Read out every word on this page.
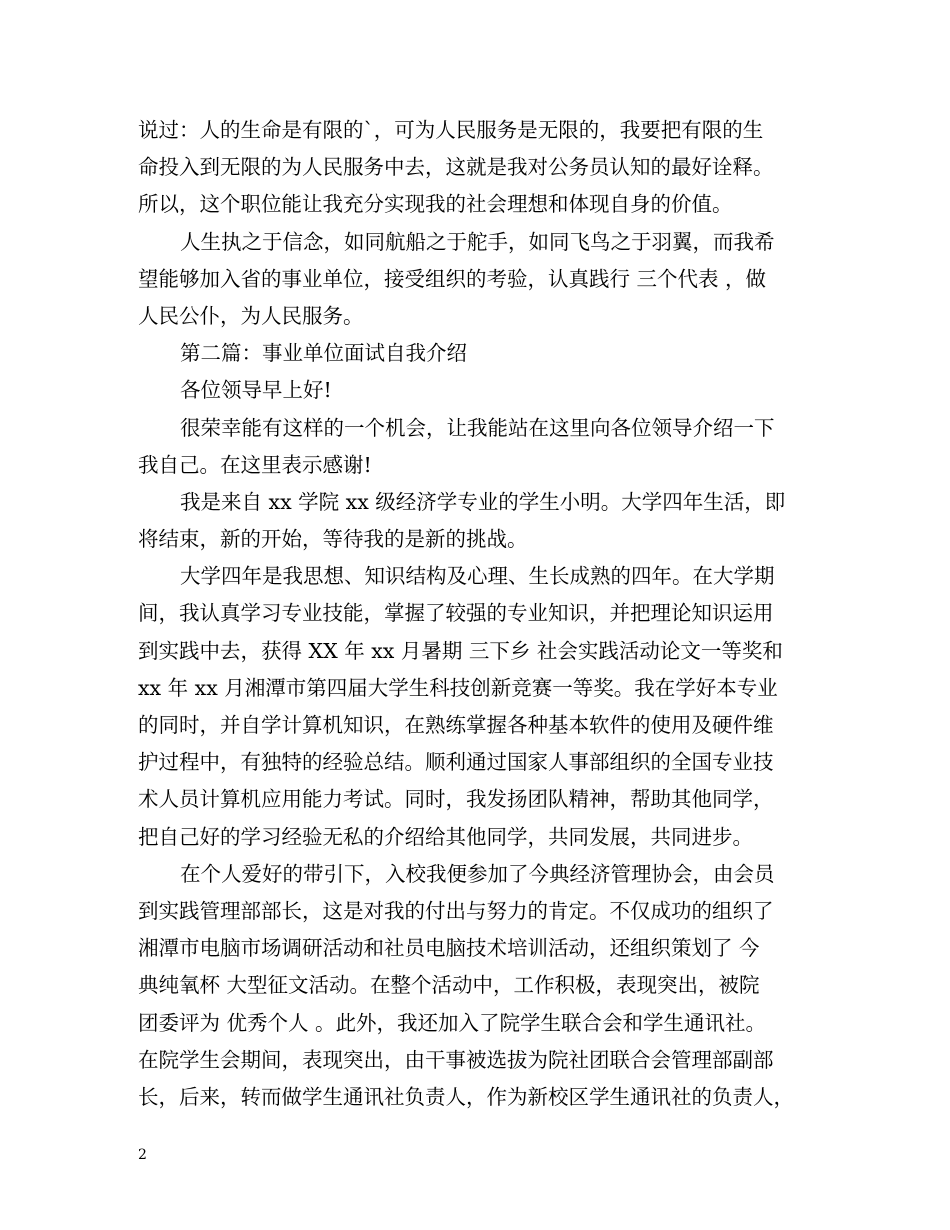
说过：人的生命是有限的`，可为人民服务是无限的，我要把有限的生
命投入到无限的为人民服务中去，这就是我对公务员认知的最好诠释。
所以，这个职位能让我充分实现我的社会理想和体现自身的价值。
人生执之于信念，如同航船之于舵手，如同飞鸟之于羽翼，而我希
望能够加入省的事业单位，接受组织的考验，认真践行 三个代表 ，做
人民公仆，为人民服务。
第二篇：事业单位面试自我介绍
各位领导早上好!
很荣幸能有这样的一个机会，让我能站在这里向各位领导介绍一下
我自己。在这里表示感谢!
我是来自 xx 学院 xx 级经济学专业的学生小明。大学四年生活，即
将结束，新的开始，等待我的是新的挑战。
大学四年是我思想、知识结构及心理、生长成熟的四年。在大学期
间，我认真学习专业技能，掌握了较强的专业知识，并把理论知识运用
到实践中去，获得 XX 年 xx 月暑期 三下乡 社会实践活动论文一等奖和
xx 年 xx 月湘潭市第四届大学生科技创新竞赛一等奖。我在学好本专业
的同时，并自学计算机知识，在熟练掌握各种基本软件的使用及硬件维
护过程中，有独特的经验总结。顺利通过国家人事部组织的全国专业技
术人员计算机应用能力考试。同时，我发扬团队精神，帮助其他同学，
把自己好的学习经验无私的介绍给其他同学，共同发展，共同进步。
在个人爱好的带引下，入校我便参加了今典经济管理协会，由会员
到实践管理部部长，这是对我的付出与努力的肯定。不仅成功的组织了
湘潭市电脑市场调研活动和社员电脑技术培训活动，还组织策划了 今
典纯氧杯 大型征文活动。在整个活动中，工作积极，表现突出，被院
团委评为 优秀个人 。此外，我还加入了院学生联合会和学生通讯社。
在院学生会期间，表现突出，由干事被选拔为院社团联合会管理部副部
长，后来，转而做学生通讯社负责人，作为新校区学生通讯社的负责人，
2
